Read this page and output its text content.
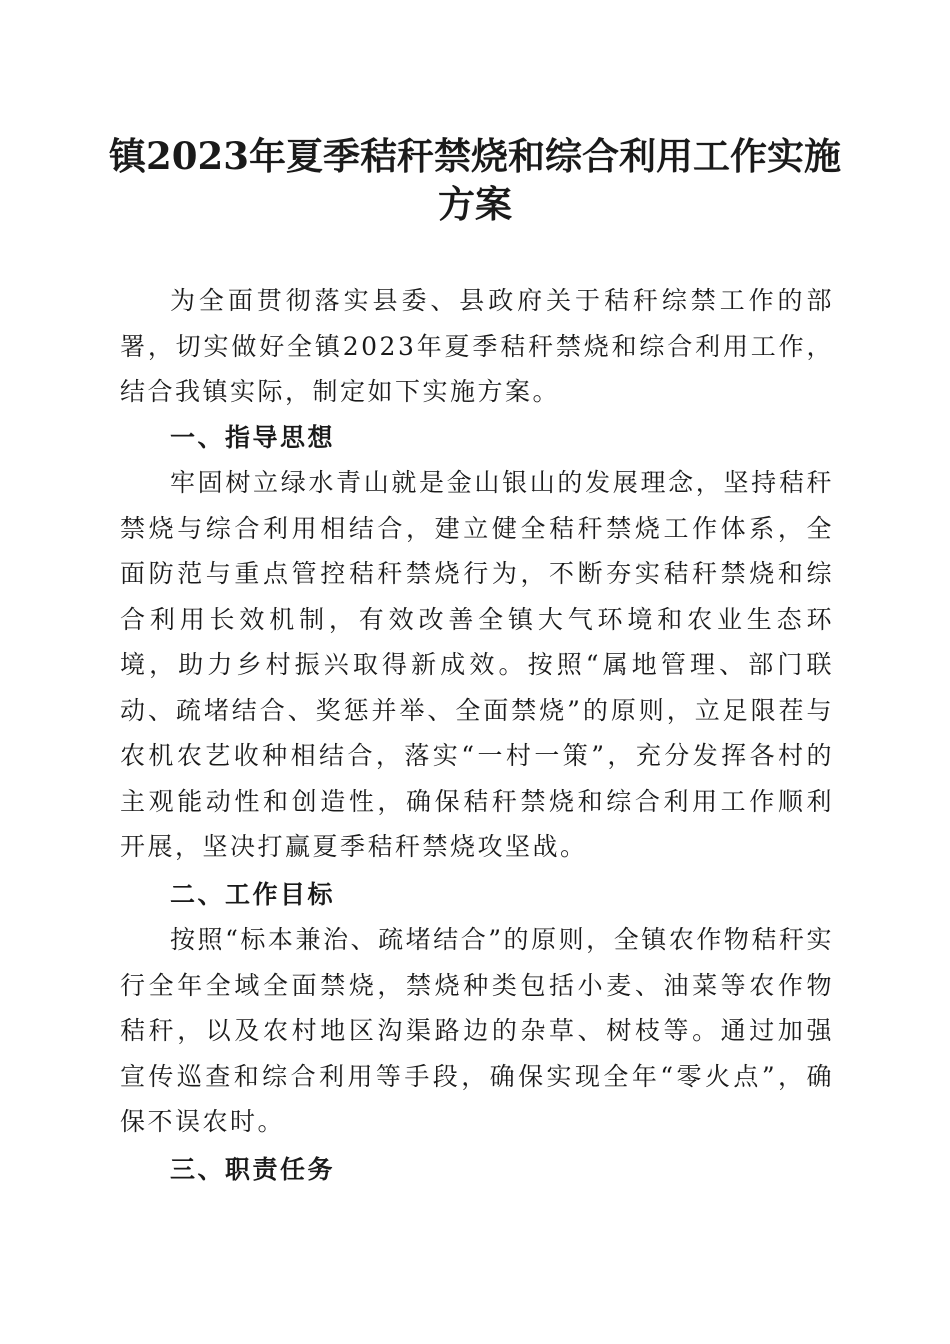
镇2023年夏季秸秆禁烧和综合利用工作实施
方案

为全面贯彻落实县委、县政府关于秸秆综禁工作的部署，切实做好全镇2023年夏季秸秆禁烧和综合利用工作，结合我镇实际，制定如下实施方案。

一、指导思想

牢固树立绿水青山就是金山银山的发展理念，坚持秸秆禁烧与综合利用相结合，建立健全秸秆禁烧工作体系，全面防范与重点管控秸秆禁烧行为，不断夯实秸秆禁烧和综合利用长效机制，有效改善全镇大气环境和农业生态环境，助力乡村振兴取得新成效。按照“属地管理、部门联动、疏堵结合、奖惩并举、全面禁烧”的原则，立足限茬与农机农艺收种相结合，落实“一村一策”，充分发挥各村的主观能动性和创造性，确保秸秆禁烧和综合利用工作顺利开展，坚决打赢夏季秸秆禁烧攻坚战。

二、工作目标

按照“标本兼治、疏堵结合”的原则，全镇农作物秸秆实行全年全域全面禁烧，禁烧种类包括小麦、油菜等农作物秸秆，以及农村地区沟渠路边的杂草、树枝等。通过加强宣传巡查和综合利用等手段，确保实现全年“零火点”，确保不误农时。

三、职责任务
